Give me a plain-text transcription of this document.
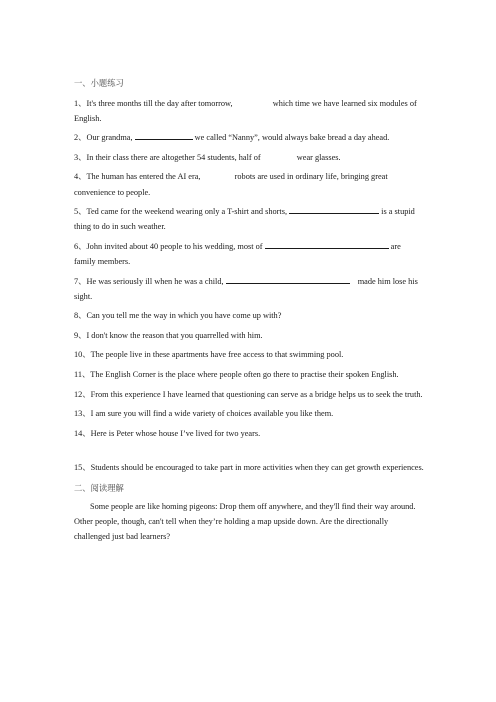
一、小题练习

1、It's three months till the day after tomorrow,	which time we have learned six modules of English.

2、Our grandma,	we called “Nanny”, would always bake bread a day ahead.

3、In their class there are altogether 54 students, half of	wear glasses.

4、The human has entered the AI era,	robots are used in ordinary life, bringing great convenience to people.

5、Ted came for the weekend wearing only a T-shirt and shorts,	is a stupid thing to do in such weather.

6、John invited about 40 people to his wedding, most of	are family members.

7、He was seriously ill when he was a child,	made him lose his sight.

8、Can you tell me the way in which you have come up with?

9、I don't know the reason that you quarrelled with him.

10、The people live in these apartments have free access to that swimming pool.

11、The English Corner is the place where people often go there to practise their spoken English.

12、From this experience I have learned that questioning can serve as a bridge helps us to seek the truth.

13、I am sure you will find a wide variety of choices available you like them.

14、Here is Peter whose house I’ve lived for two years.

15、Students should be encouraged to take part in more activities when they can get growth experiences.

二、阅读理解

Some people are like homing pigeons: Drop them off anywhere, and they'll find their way around. Other people, though, can't tell when they’re holding a map upside down. Are the directionally challenged just bad learners?
